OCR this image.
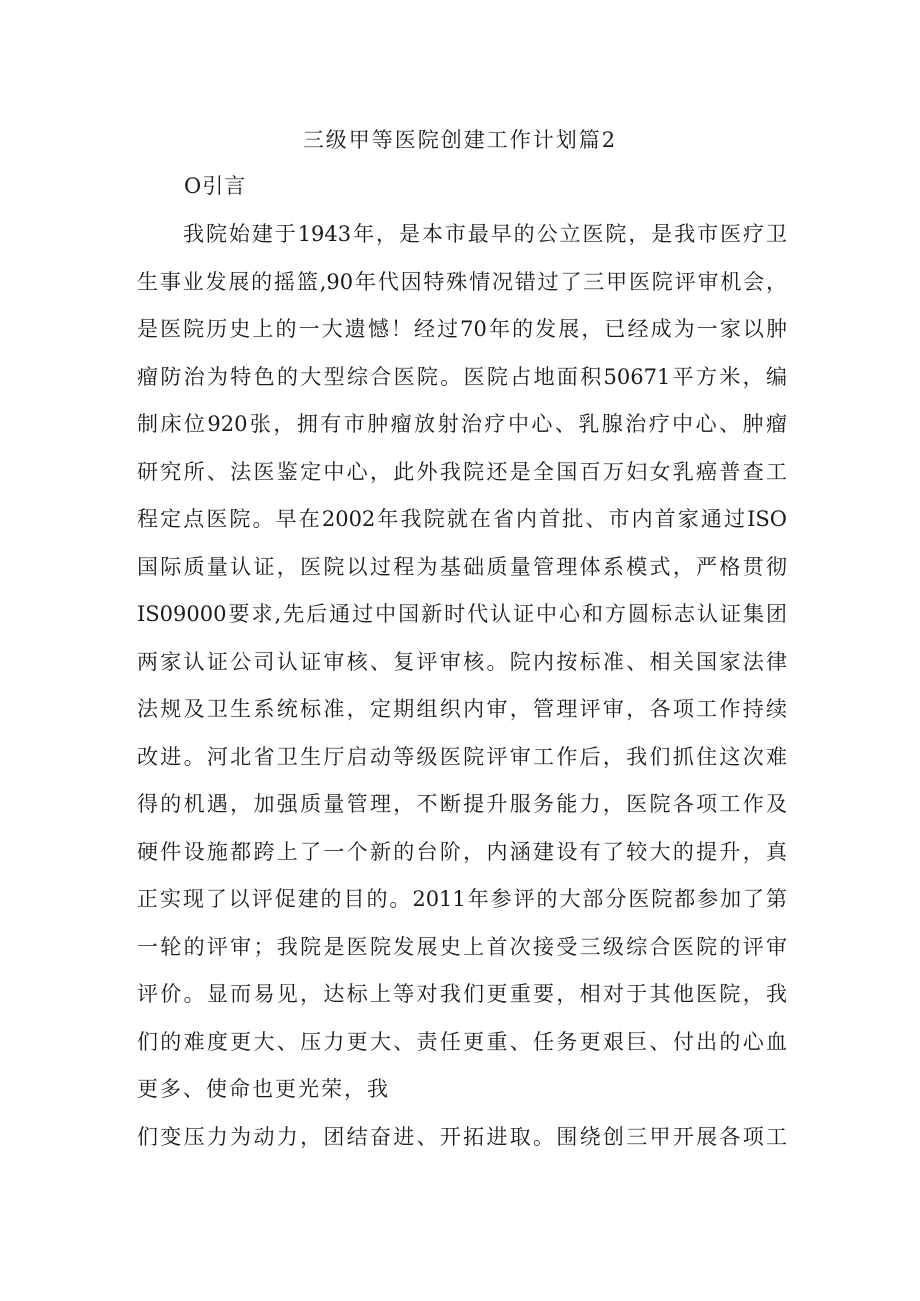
三级甲等医院创建工作计划篇2
O引言
我院始建于1943年，是本市最早的公立医院，是我市医疗卫
生事业发展的摇篮,90年代因特殊情况错过了三甲医院评审机会，
是医院历史上的一大遗憾！经过70年的发展，已经成为一家以肿
瘤防治为特色的大型综合医院。医院占地面积50671平方米，编
制床位920张，拥有市肿瘤放射治疗中心、乳腺治疗中心、肿瘤
研究所、法医鉴定中心，此外我院还是全国百万妇女乳癌普查工
程定点医院。早在2002年我院就在省内首批、市内首家通过ISO
国际质量认证，医院以过程为基础质量管理体系模式，严格贯彻
IS09000要求,先后通过中国新时代认证中心和方圆标志认证集团
两家认证公司认证审核、复评审核。院内按标准、相关国家法律
法规及卫生系统标准，定期组织内审，管理评审，各项工作持续
改进。河北省卫生厅启动等级医院评审工作后，我们抓住这次难
得的机遇，加强质量管理，不断提升服务能力，医院各项工作及
硬件设施都跨上了一个新的台阶，内涵建设有了较大的提升，真
正实现了以评促建的目的。2011年参评的大部分医院都参加了第
一轮的评审；我院是医院发展史上首次接受三级综合医院的评审
评价。显而易见，达标上等对我们更重要，相对于其他医院，我
们的难度更大、压力更大、责任更重、任务更艰巨、付出的心血
更多、使命也更光荣，我
们变压力为动力，团结奋进、开拓进取。围绕创三甲开展各项工
